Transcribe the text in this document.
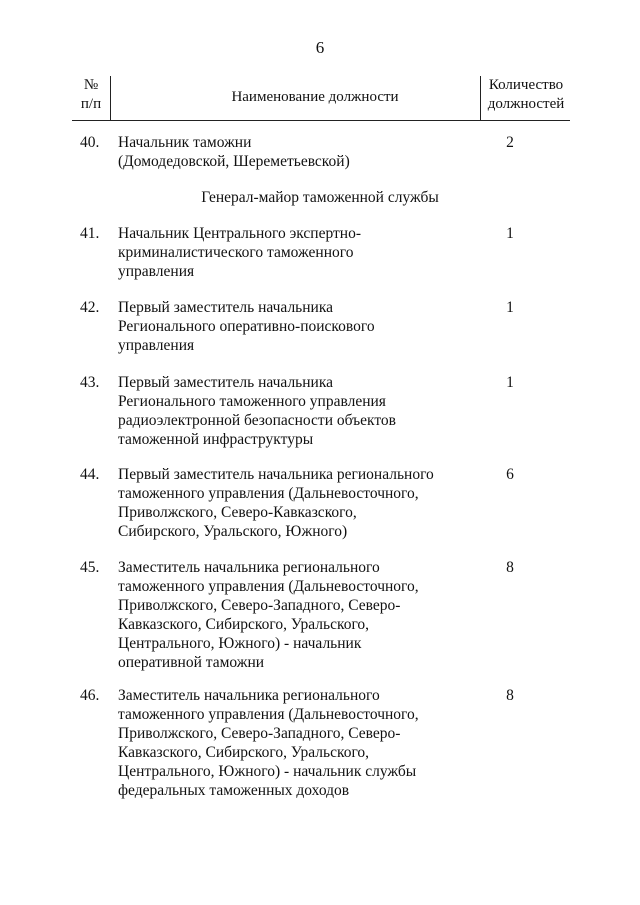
6
№
п/п	Наименование должности
Количество
должностей
40.	Начальник таможни
(Домодедовской, Шереметьевской)
2
Генерал-майор таможенной службы
41.	Начальник Центрального экспертно-
криминалистического таможенного
управления
1
42.	Первый заместитель начальника
Регионального оперативно-поискового
управления
1
43.	Первый заместитель начальника
Регионального таможенного управления
радиоэлектронной безопасности объектов
таможенной инфраструктуры
1
44.	Первый заместитель начальника регионального
таможенного управления (Дальневосточного,
Приволжского, Северо-Кавказского,
Сибирского, Уральского, Южного)
6
45.	Заместитель начальника регионального
таможенного управления (Дальневосточного,
Приволжского, Северо-Западного, Северо-
Кавказского, Сибирского, Уральского,
Центрального, Южного) - начальник
оперативной таможни
8
46.	Заместитель начальника регионального
таможенного управления (Дальневосточного,
Приволжского, Северо-Западного, Северо-
Кавказского, Сибирского, Уральского,
Центрального, Южного) - начальник службы
федеральных таможенных доходов
8
